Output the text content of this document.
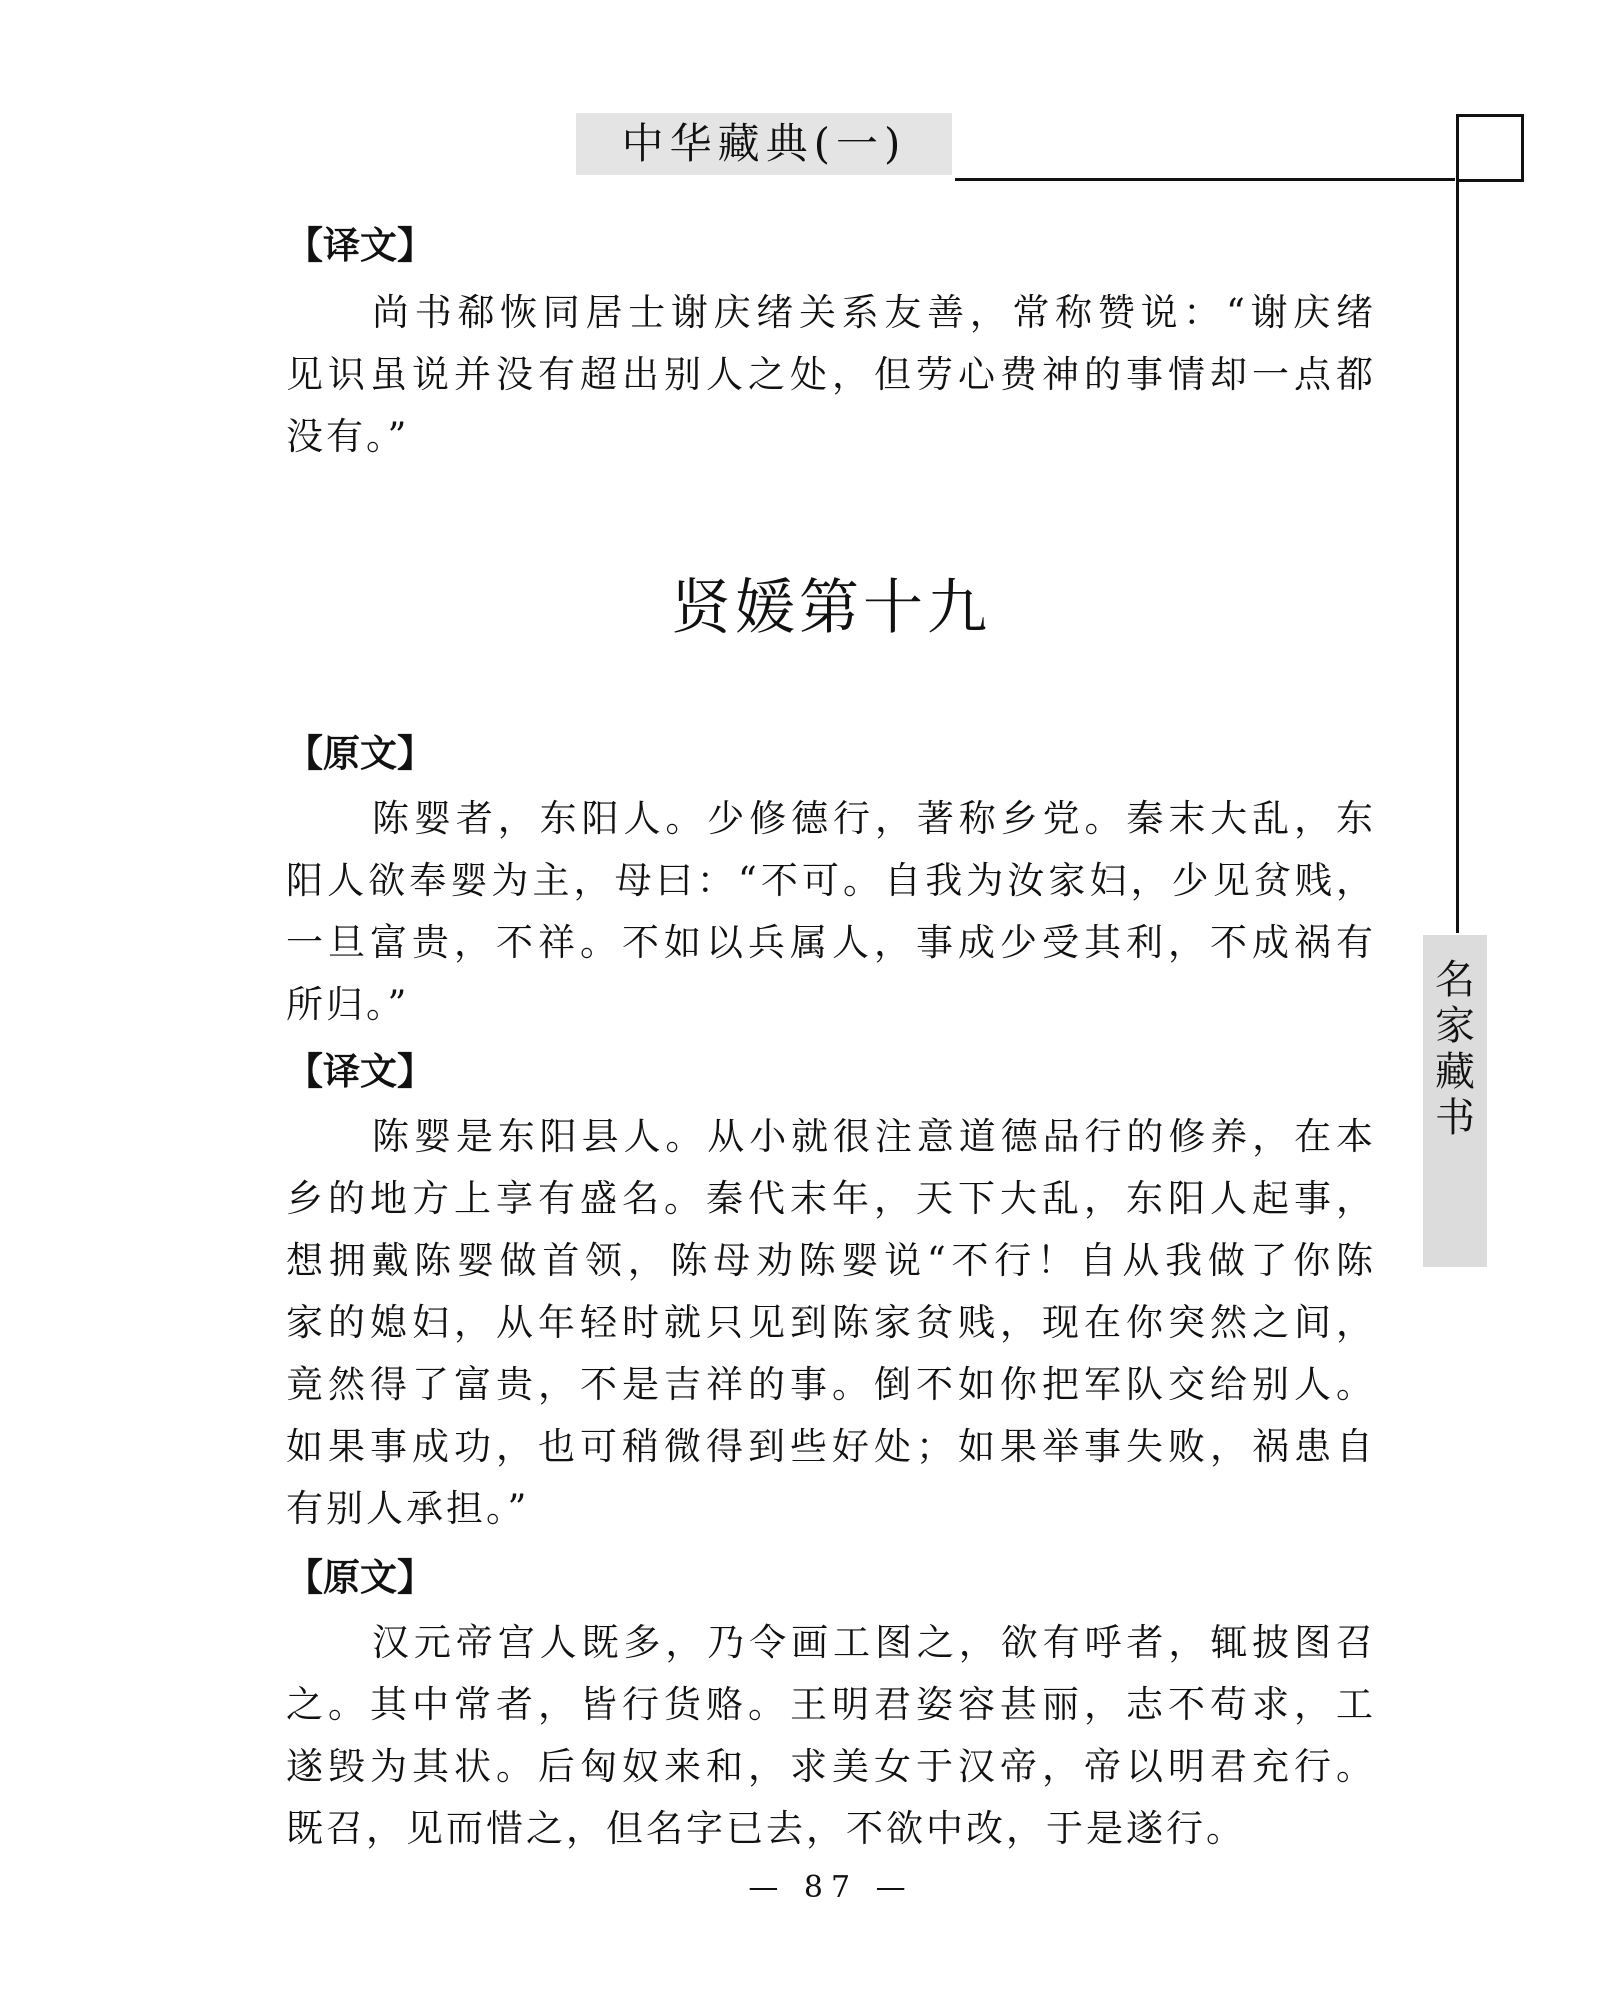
中华藏典(一)
名
家
藏
书
【译文】
尚书郗恢同居士谢庆绪关系友善，常称赞说：“谢庆绪
见识虽说并没有超出别人之处，但劳心费神的事情却一点都
没有。”
贤媛第十九
【原文】
陈婴者，东阳人。少修德行，著称乡党。秦末大乱，东
阳人欲奉婴为主，母曰：“不可。自我为汝家妇，少见贫贱，
一旦富贵，不祥。不如以兵属人，事成少受其利，不成祸有
所归。”
【译文】
陈婴是东阳县人。从小就很注意道德品行的修养，在本
乡的地方上享有盛名。秦代末年，天下大乱，东阳人起事，
想拥戴陈婴做首领，陈母劝陈婴说“不行！自从我做了你陈
家的媳妇，从年轻时就只见到陈家贫贱，现在你突然之间，
竟然得了富贵，不是吉祥的事。倒不如你把军队交给别人。
如果事成功，也可稍微得到些好处；如果举事失败，祸患自
有别人承担。”
【原文】
汉元帝宫人既多，乃令画工图之，欲有呼者，辄披图召
之。其中常者，皆行货赂。王明君姿容甚丽，志不苟求，工
遂毁为其状。后匈奴来和，求美女于汉帝，帝以明君充行。
既召，见而惜之，但名字已去，不欲中改，于是遂行。
— 87 —
